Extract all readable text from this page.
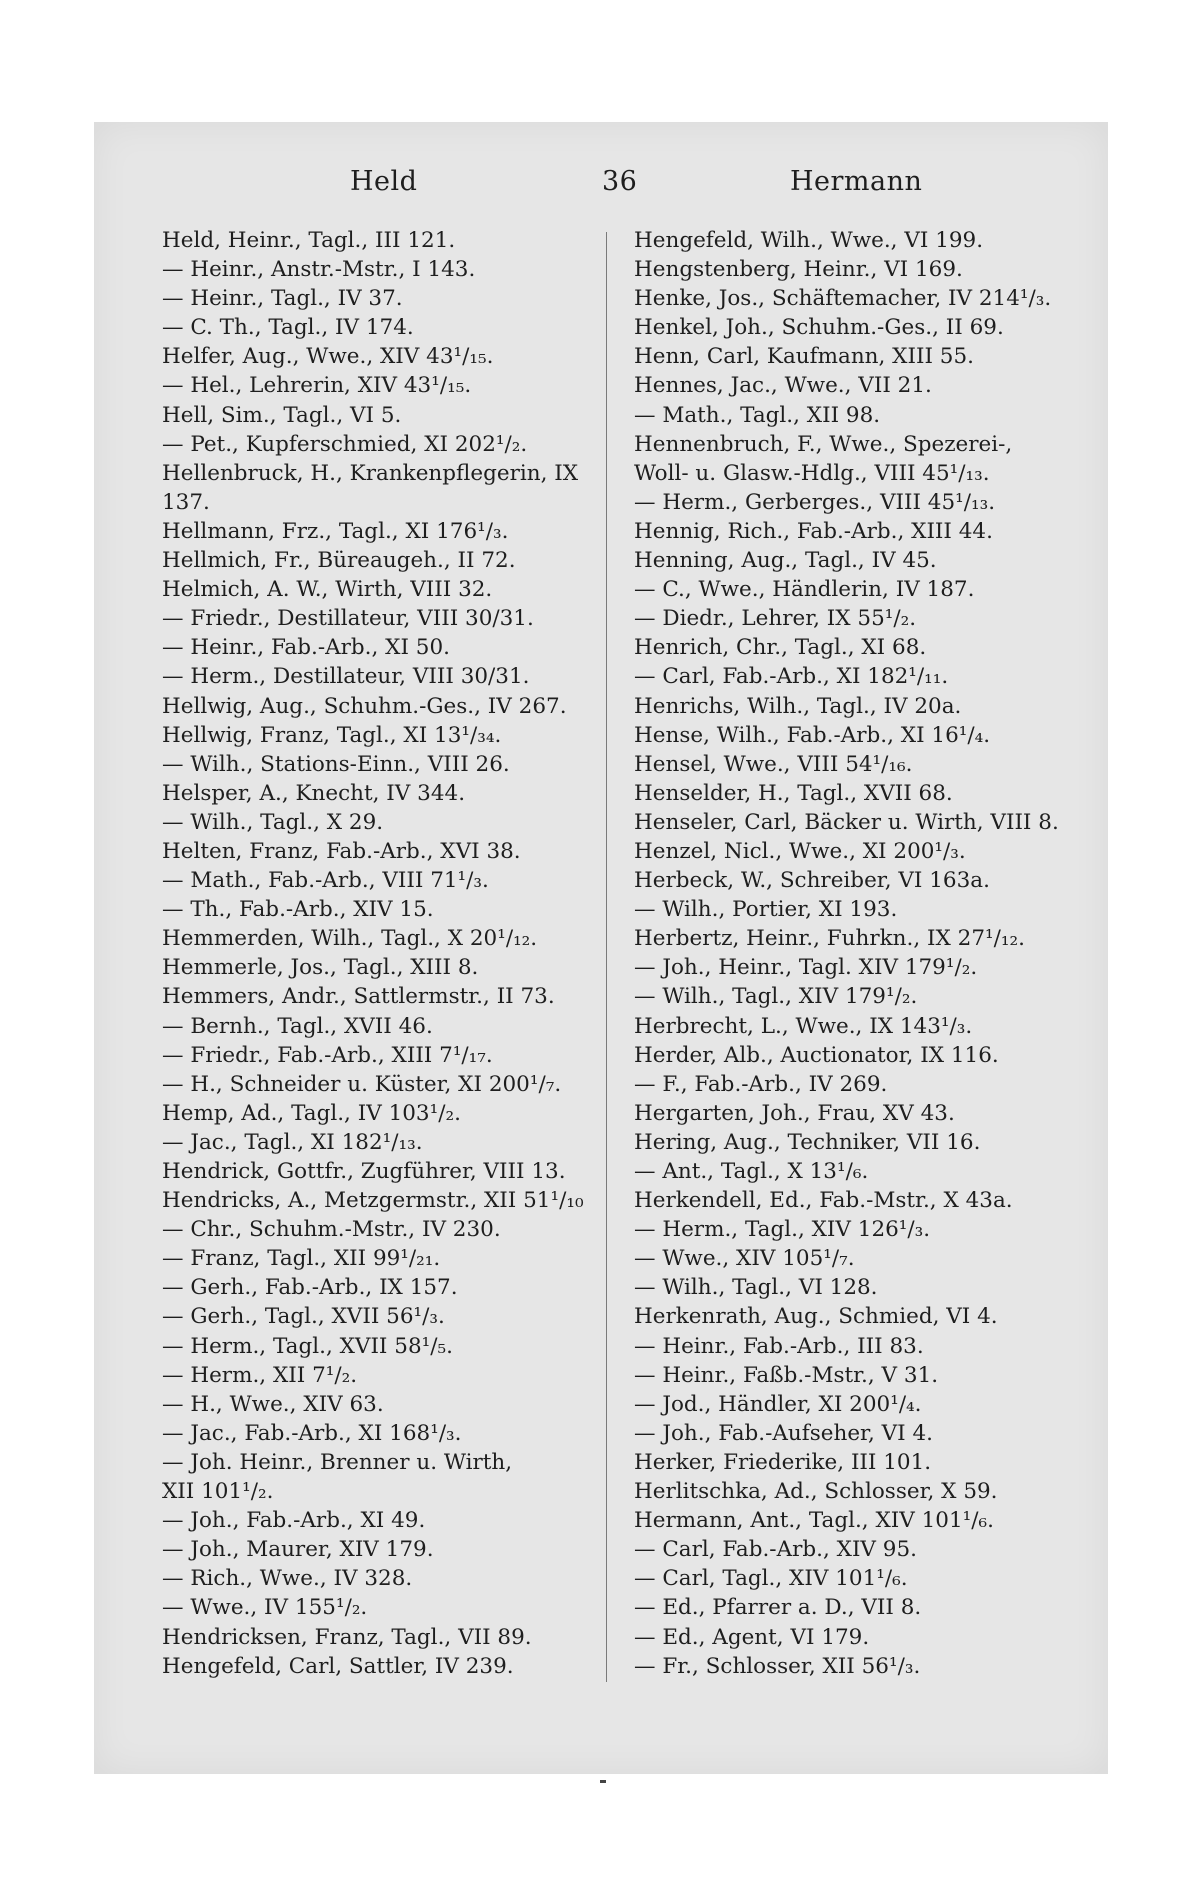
Held	36	Hermann
Held, Heinr., Tagl., III 121.
— Heinr., Anstr.-Mstr., I 143.
— Heinr., Tagl., IV 37.
— C. Th., Tagl., IV 174.
Helfer, Aug., Wwe., XIV 43¹/₁₅.
— Hel., Lehrerin, XIV 43¹/₁₅.
Hell, Sim., Tagl., VI 5.
— Pet., Kupferschmied, XI 202¹/₂.
Hellenbruck, H., Krankenpflegerin, IX
137.
Hellmann, Frz., Tagl., XI 176¹/₃.
Hellmich, Fr., Büreaugeh., II 72.
Helmich, A. W., Wirth, VIII 32.
— Friedr., Destillateur, VIII 30/31.
— Heinr., Fab.-Arb., XI 50.
— Herm., Destillateur, VIII 30/31.
Hellwig, Aug., Schuhm.-Ges., IV 267.
Hellwig, Franz, Tagl., XI 13¹/₃₄.
— Wilh., Stations-Einn., VIII 26.
Helsper, A., Knecht, IV 344.
— Wilh., Tagl., X 29.
Helten, Franz, Fab.-Arb., XVI 38.
— Math., Fab.-Arb., VIII 71¹/₃.
— Th., Fab.-Arb., XIV 15.
Hemmerden, Wilh., Tagl., X 20¹/₁₂.
Hemmerle, Jos., Tagl., XIII 8.
Hemmers, Andr., Sattlermstr., II 73.
— Bernh., Tagl., XVII 46.
— Friedr., Fab.-Arb., XIII 7¹/₁₇.
— H., Schneider u. Küster, XI 200¹/₇.
Hemp, Ad., Tagl., IV 103¹/₂.
— Jac., Tagl., XI 182¹/₁₃.
Hendrick, Gottfr., Zugführer, VIII 13.
Hendricks, A., Metzgermstr., XII 51¹/₁₀
— Chr., Schuhm.-Mstr., IV 230.
— Franz, Tagl., XII 99¹/₂₁.
— Gerh., Fab.-Arb., IX 157.
— Gerh., Tagl., XVII 56¹/₃.
— Herm., Tagl., XVII 58¹/₅.
— Herm., XII 7¹/₂.
— H., Wwe., XIV 63.
— Jac., Fab.-Arb., XI 168¹/₃.
— Joh. Heinr., Brenner u. Wirth,
XII 101¹/₂.
— Joh., Fab.-Arb., XI 49.
— Joh., Maurer, XIV 179.
— Rich., Wwe., IV 328.
— Wwe., IV 155¹/₂.
Hendricksen, Franz, Tagl., VII 89.
Hengefeld, Carl, Sattler, IV 239.
Hengefeld, Wilh., Wwe., VI 199.
Hengstenberg, Heinr., VI 169.
Henke, Jos., Schäftemacher, IV 214¹/₃.
Henkel, Joh., Schuhm.-Ges., II 69.
Henn, Carl, Kaufmann, XIII 55.
Hennes, Jac., Wwe., VII 21.
— Math., Tagl., XII 98.
Hennenbruch, F., Wwe., Spezerei-,
Woll- u. Glasw.-Hdlg., VIII 45¹/₁₃.
— Herm., Gerberges., VIII 45¹/₁₃.
Hennig, Rich., Fab.-Arb., XIII 44.
Henning, Aug., Tagl., IV 45.
— C., Wwe., Händlerin, IV 187.
— Diedr., Lehrer, IX 55¹/₂.
Henrich, Chr., Tagl., XI 68.
— Carl, Fab.-Arb., XI 182¹/₁₁.
Henrichs, Wilh., Tagl., IV 20a.
Hense, Wilh., Fab.-Arb., XI 16¹/₄.
Hensel, Wwe., VIII 54¹/₁₆.
Henselder, H., Tagl., XVII 68.
Henseler, Carl, Bäcker u. Wirth, VIII 8.
Henzel, Nicl., Wwe., XI 200¹/₃.
Herbeck, W., Schreiber, VI 163a.
— Wilh., Portier, XI 193.
Herbertz, Heinr., Fuhrkn., IX 27¹/₁₂.
— Joh., Heinr., Tagl. XIV 179¹/₂.
— Wilh., Tagl., XIV 179¹/₂.
Herbrecht, L., Wwe., IX 143¹/₃.
Herder, Alb., Auctionator, IX 116.
— F., Fab.-Arb., IV 269.
Hergarten, Joh., Frau, XV 43.
Hering, Aug., Techniker, VII 16.
— Ant., Tagl., X 13¹/₆.
Herkendell, Ed., Fab.-Mstr., X 43a.
— Herm., Tagl., XIV 126¹/₃.
— Wwe., XIV 105¹/₇.
— Wilh., Tagl., VI 128.
Herkenrath, Aug., Schmied, VI 4.
— Heinr., Fab.-Arb., III 83.
— Heinr., Faßb.-Mstr., V 31.
— Jod., Händler, XI 200¹/₄.
— Joh., Fab.-Aufseher, VI 4.
Herker, Friederike, III 101.
Herlitschka, Ad., Schlosser, X 59.
Hermann, Ant., Tagl., XIV 101¹/₆.
— Carl, Fab.-Arb., XIV 95.
— Carl, Tagl., XIV 101¹/₆.
— Ed., Pfarrer a. D., VII 8.
— Ed., Agent, VI 179.
— Fr., Schlosser, XII 56¹/₃.
